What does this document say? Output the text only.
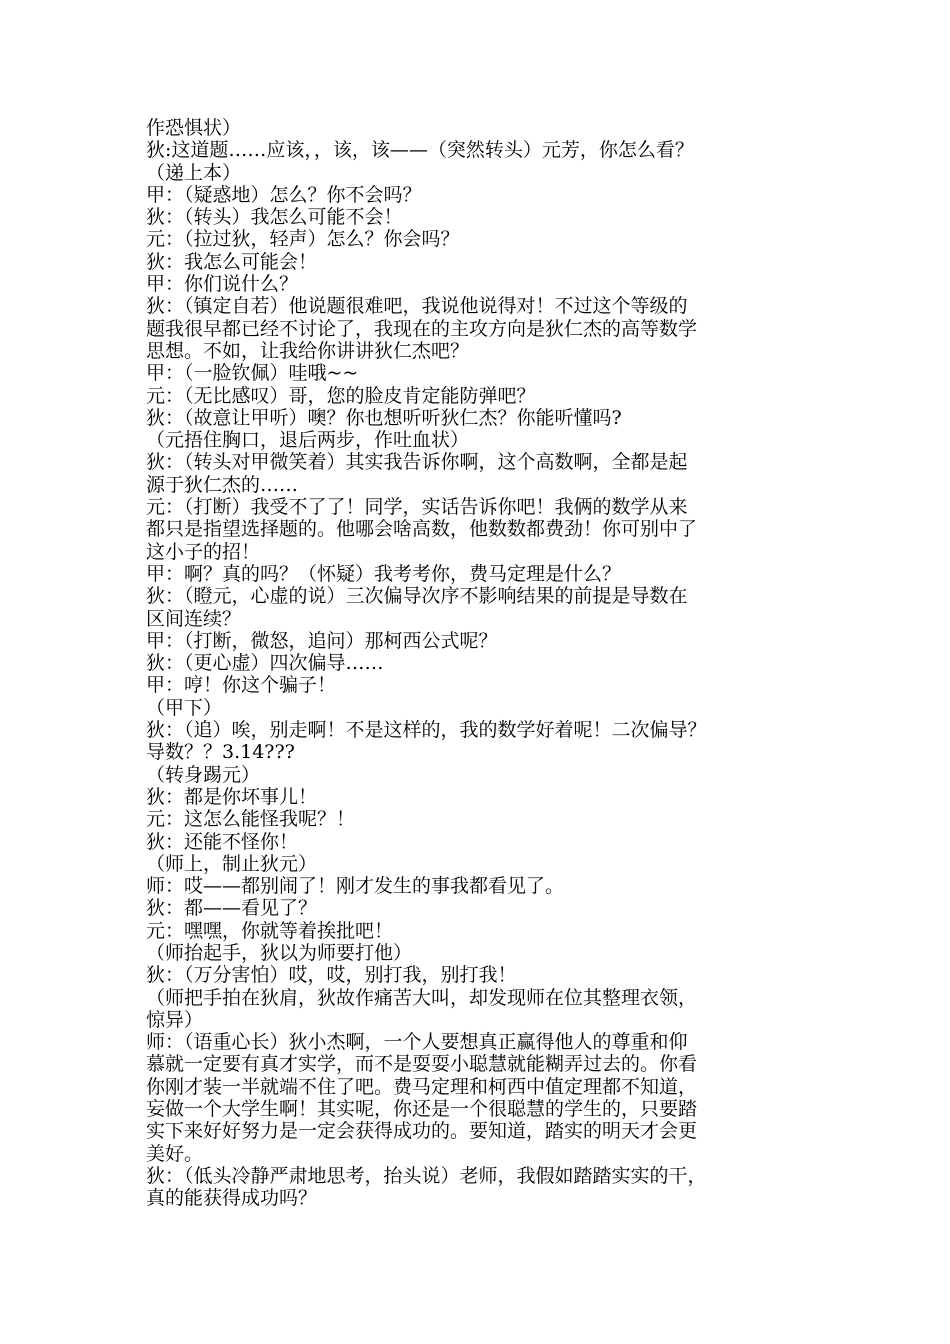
作恐惧状）

狄:这道题……应该，，该，该——（突然转头）元芳，你怎么看？

（递上本）

甲：（疑惑地）怎么？你不会吗？

狄：（转头）我怎么可能不会！

元：（拉过狄，轻声）怎么？你会吗？

狄：我怎么可能会！

甲：你们说什么？

狄：（镇定自若）他说题很难吧，我说他说得对！不过这个等级的

题我很早都已经不讨论了，我现在的主攻方向是狄仁杰的高等数学

思想。不如，让我给你讲讲狄仁杰吧？

甲：（一脸钦佩）哇哦~~

元：（无比感叹）哥，您的脸皮肯定能防弹吧？

狄：（故意让甲听）噢？你也想听听狄仁杰？你能听懂吗?

（元捂住胸口，退后两步，作吐血状）

狄：（转头对甲微笑着）其实我告诉你啊，这个高数啊，全都是起

源于狄仁杰的……

元：（打断）我受不了了！同学，实话告诉你吧！我俩的数学从来

都只是指望选择题的。他哪会啥高数，他数数都费劲！你可别中了

这小子的招！

甲：啊？真的吗？（怀疑）我考考你，费马定理是什么？

狄：（瞪元，心虚的说）三次偏导次序不影响结果的前提是导数在

区间连续？

甲：（打断，微怒，追问）那柯西公式呢？

狄：（更心虚）四次偏导……

甲：哼！你这个骗子！

（甲下）

狄：（追）唉，别走啊！不是这样的，我的数学好着呢！二次偏导？

导数？？3.14???

（转身踢元）

狄：都是你坏事儿！

元：这怎么能怪我呢？！

狄：还能不怪你！

（师上，制止狄元）

师：哎——都别闹了！刚才发生的事我都看见了。

狄：都——看见了？

元：嘿嘿，你就等着挨批吧！

（师抬起手，狄以为师要打他）

狄：（万分害怕）哎，哎，别打我，别打我！

（师把手拍在狄肩，狄故作痛苦大叫，却发现师在位其整理衣领，

惊异）

师：（语重心长）狄小杰啊，一个人要想真正赢得他人的尊重和仰

慕就一定要有真才实学，而不是耍耍小聪慧就能糊弄过去的。你看

你刚才装一半就端不住了吧。费马定理和柯西中值定理都不知道，

妄做一个大学生啊！其实呢，你还是一个很聪慧的学生的，只要踏

实下来好好努力是一定会获得成功的。要知道，踏实的明天才会更

美好。

狄：（低头冷静严肃地思考，抬头说）老师，我假如踏踏实实的干，

真的能获得成功吗？
